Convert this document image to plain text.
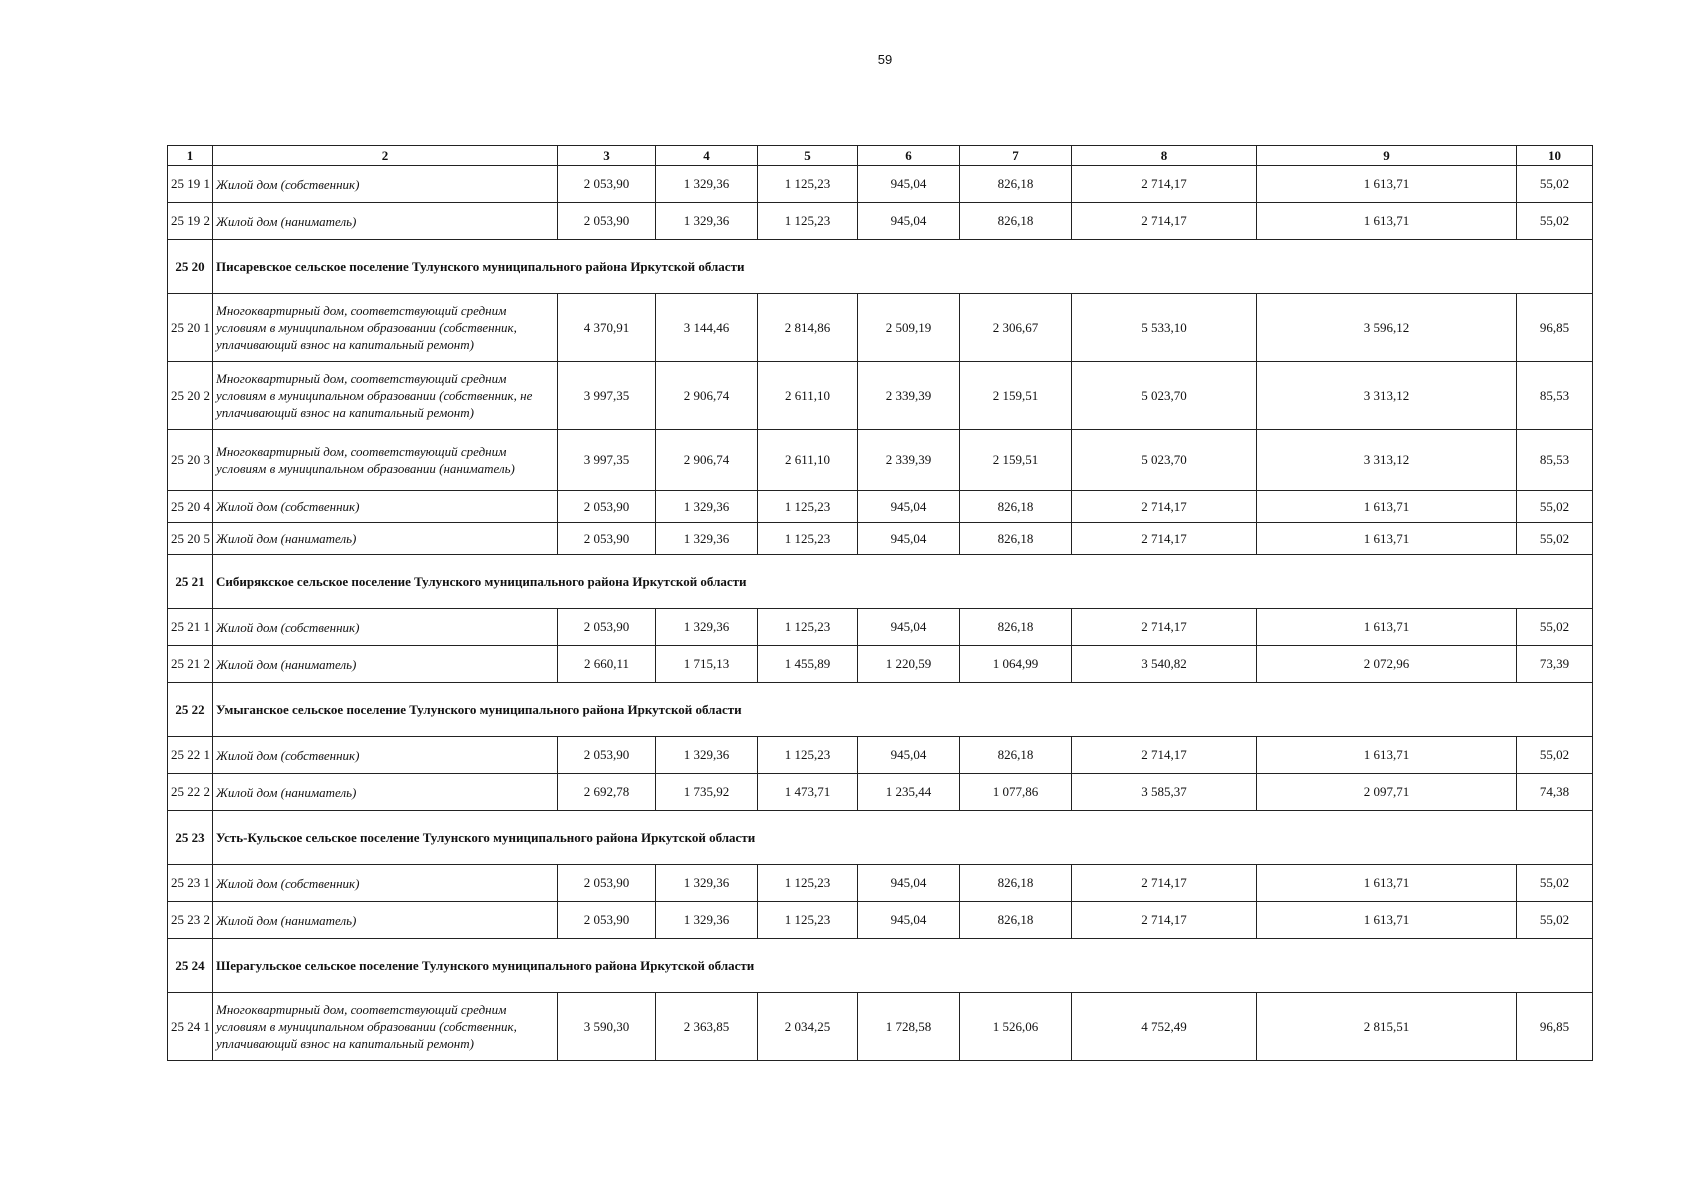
59
1	2	3	4	5	6	7	8	9	10
25 19 1	Жилой дом (собственник)	2 053,90	1 329,36	1 125,23	945,04	826,18	2 714,17	1 613,71	55,02
25 19 2	Жилой дом (наниматель)	2 053,90	1 329,36	1 125,23	945,04	826,18	2 714,17	1 613,71	55,02
25 20	Писаревское сельское поселение Тулунского муниципального района Иркутской области								
25 20 1	Многоквартирный дом, соответствующий средним условиям в муниципальном образовании (собственник, уплачивающий взнос на капитальный ремонт)	4 370,91	3 144,46	2 814,86	2 509,19	2 306,67	5 533,10	3 596,12	96,85
25 20 2	Многоквартирный дом, соответствующий средним условиям в муниципальном образовании (собственник, не уплачивающий взнос на капитальный ремонт)	3 997,35	2 906,74	2 611,10	2 339,39	2 159,51	5 023,70	3 313,12	85,53
25 20 3	Многоквартирный дом, соответствующий средним условиям в муниципальном образовании (наниматель)	3 997,35	2 906,74	2 611,10	2 339,39	2 159,51	5 023,70	3 313,12	85,53
25 20 4	Жилой дом (собственник)	2 053,90	1 329,36	1 125,23	945,04	826,18	2 714,17	1 613,71	55,02
25 20 5	Жилой дом (наниматель)	2 053,90	1 329,36	1 125,23	945,04	826,18	2 714,17	1 613,71	55,02
25 21	Сибирякское сельское поселение Тулунского муниципального района Иркутской области								
25 21 1	Жилой дом (собственник)	2 053,90	1 329,36	1 125,23	945,04	826,18	2 714,17	1 613,71	55,02
25 21 2	Жилой дом (наниматель)	2 660,11	1 715,13	1 455,89	1 220,59	1 064,99	3 540,82	2 072,96	73,39
25 22	Умыганское сельское поселение Тулунского муниципального района Иркутской области								
25 22 1	Жилой дом (собственник)	2 053,90	1 329,36	1 125,23	945,04	826,18	2 714,17	1 613,71	55,02
25 22 2	Жилой дом (наниматель)	2 692,78	1 735,92	1 473,71	1 235,44	1 077,86	3 585,37	2 097,71	74,38
25 23	Усть-Кульское сельское поселение Тулунского муниципального района Иркутской области								
25 23 1	Жилой дом (собственник)	2 053,90	1 329,36	1 125,23	945,04	826,18	2 714,17	1 613,71	55,02
25 23 2	Жилой дом (наниматель)	2 053,90	1 329,36	1 125,23	945,04	826,18	2 714,17	1 613,71	55,02
25 24	Шерагульское сельское поселение Тулунского муниципального района Иркутской области								
25 24 1	Многоквартирный дом, соответствующий средним условиям в муниципальном образовании (собственник, уплачивающий взнос на капитальный ремонт)	3 590,30	2 363,85	2 034,25	1 728,58	1 526,06	4 752,49	2 815,51	96,85
